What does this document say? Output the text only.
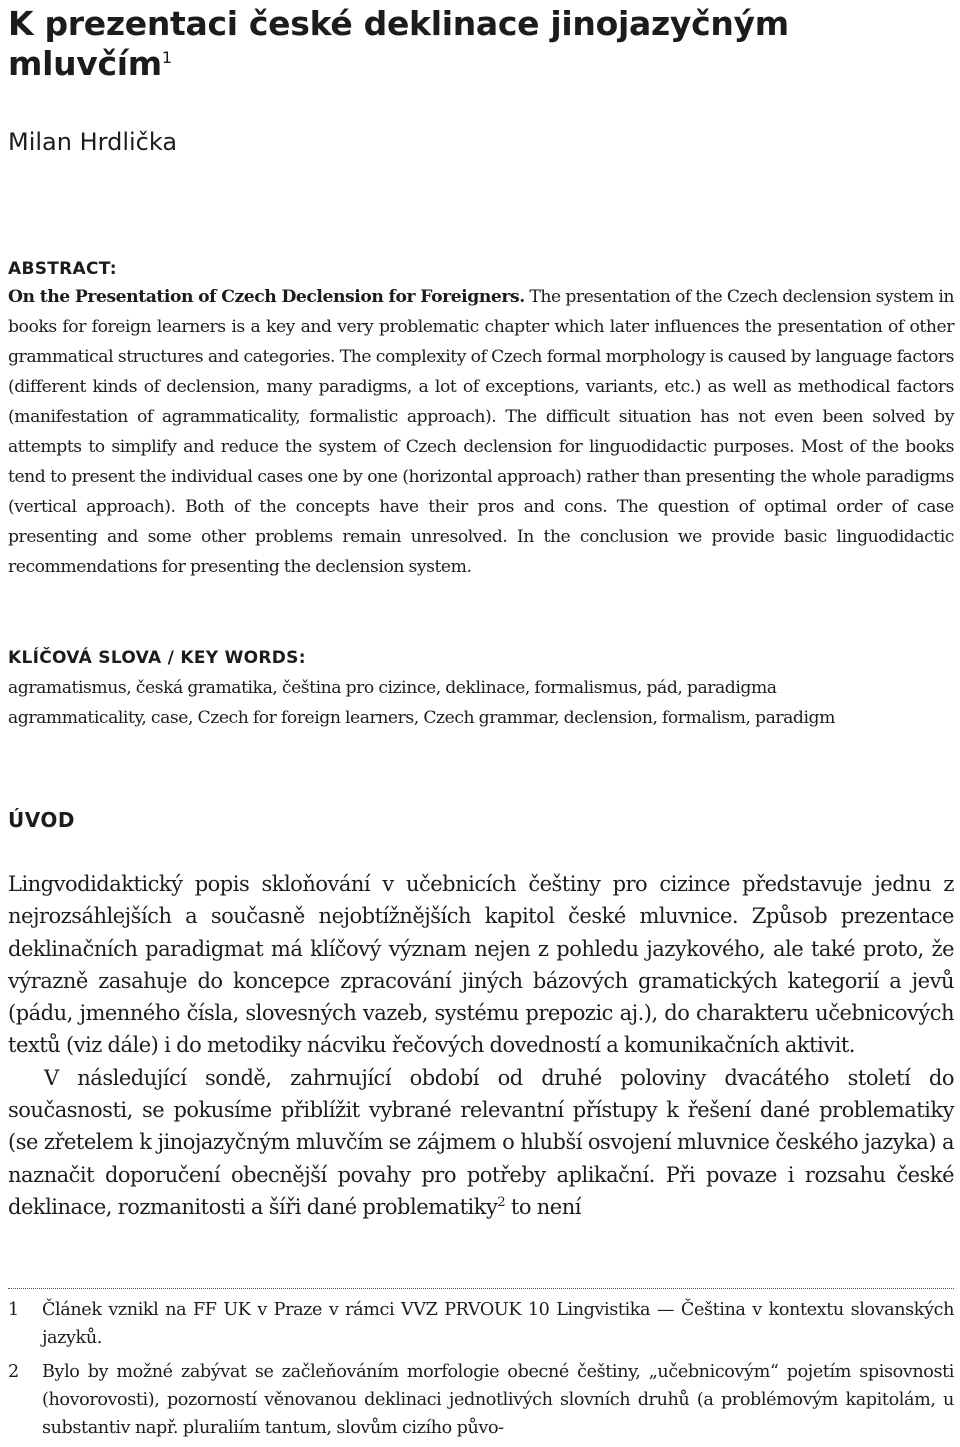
K prezentaci české deklinace jinojazyčným mluvčím$^1$
Milan Hrdlička
ABSTRACT:

On the Presentation of Czech Declension for Foreigners. The presentation of the Czech declension system in books for foreign learners is a key and very problematic chapter which later influences the presentation of other grammatical structures and categories. The complexity of Czech formal morphology is caused by language factors (different kinds of declension, many paradigms, a lot of exceptions, variants, etc.) as well as methodical factors (manifestation of agrammaticality, formalistic approach). The difficult situation has not even been solved by attempts to simplify and reduce the system of Czech declension for linguodidactic purposes. Most of the books tend to present the individual cases one by one (horizontal approach) rather than presenting the whole paradigms (vertical approach). Both of the concepts have their pros and cons. The question of optimal order of case presenting and some other problems remain unresolved. In the conclusion we provide basic linguodidactic recommendations for presenting the declension system.

KLÍČOVÁ SLOVA / KEY WORDS:

agramatismus, česká gramatika, čeština pro cizince, deklinace, formalismus, pád, paradigma

agrammaticality, case, Czech for foreign learners, Czech grammar, declension, formalism, paradigm

ÚVOD

Lingvodidaktický popis skloňování v učebnicích češtiny pro cizince představuje jednu z nejrozsáhlejších a současně nejobtížnějších kapitol české mluvnice. Způsob prezentace deklinačních paradigmat má klíčový význam nejen z pohledu jazykového, ale také proto, že výrazně zasahuje do koncepce zpracování jiných bázových gramatických kategorií a jevů (pádu, jmenného čísla, slovesných vazeb, systému prepozic aj.), do charakteru učebnicových textů (viz dále) i do metodiky nácviku řečových dovedností a komunikačních aktivit.

V následující sondě, zahrnující období od druhé poloviny dvacátého století do současnosti, se pokusíme přiblížit vybrané relevantní přístupy k řešení dané problematiky (se zřetelem k jinojazyčným mluvčím se zájmem o hlubší osvojení mluvnice českého jazyka) a naznačit doporučení obecnější povahy pro potřeby aplikační. Při povaze i rozsahu české deklinace, rozmanitosti a šíři dané problematiky$^2$ to není

1 Článek vznikl na FF UK v Praze v rámci VVZ PRVOUK 10 Lingvistika — Čeština v kontextu slovanských jazyků.
2 Bylo by možné zabývat se začleňováním morfologie obecné češtiny, „učebnicovým“ pojetím spisovnosti (hovorovosti), pozorností věnovanou deklinaci jednotlivých slovních druhů (a problémovým kapitolám, u substantiv např. pluraliím tantum, slovům cizího půvo-
